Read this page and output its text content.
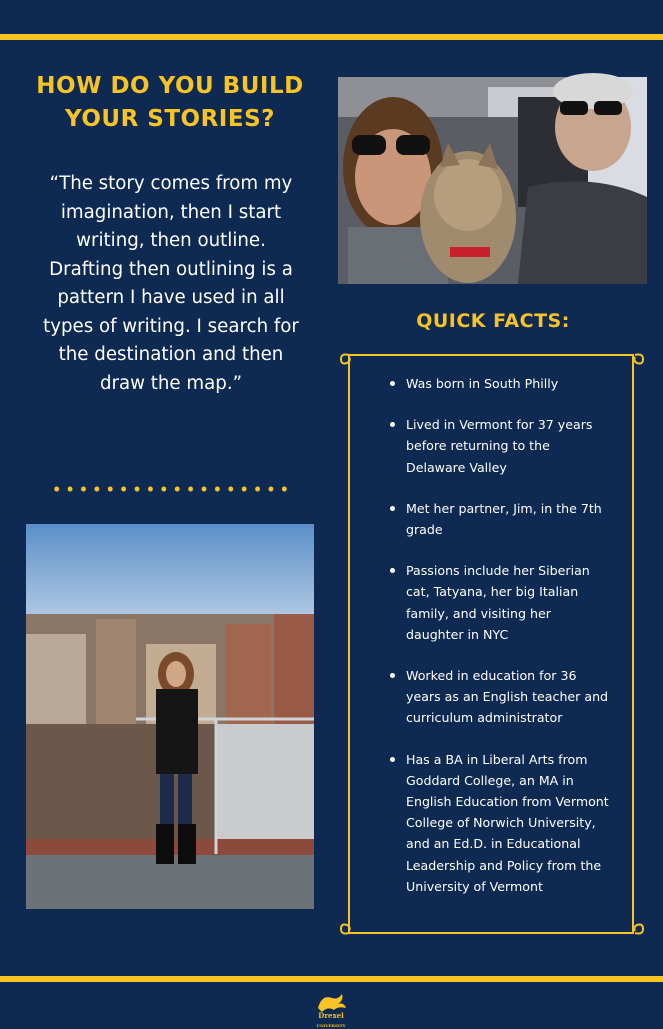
HOW DO YOU BUILD
YOUR STORIES?

“The story comes from my imagination, then I start writing, then outline. Drafting then outlining is a pattern I have used in all types of writing. I search for the destination and then draw the map.”

QUICK FACTS:
Was born in South Philly
Lived in Vermont for 37 years before returning to the Delaware Valley
Met her partner, Jim, in the 7th grade
Passions include her Siberian cat, Tatyana, her big Italian family, and visiting her daughter in NYC
Worked in education for 36 years as an English teacher and curriculum administrator
Has a BA in Liberal Arts from Goddard College, an MA in English Education from Vermont College of Norwich University, and an Ed.D. in Educational Leadership and Policy from the University of Vermont
Drexel
UNIVERSITY
